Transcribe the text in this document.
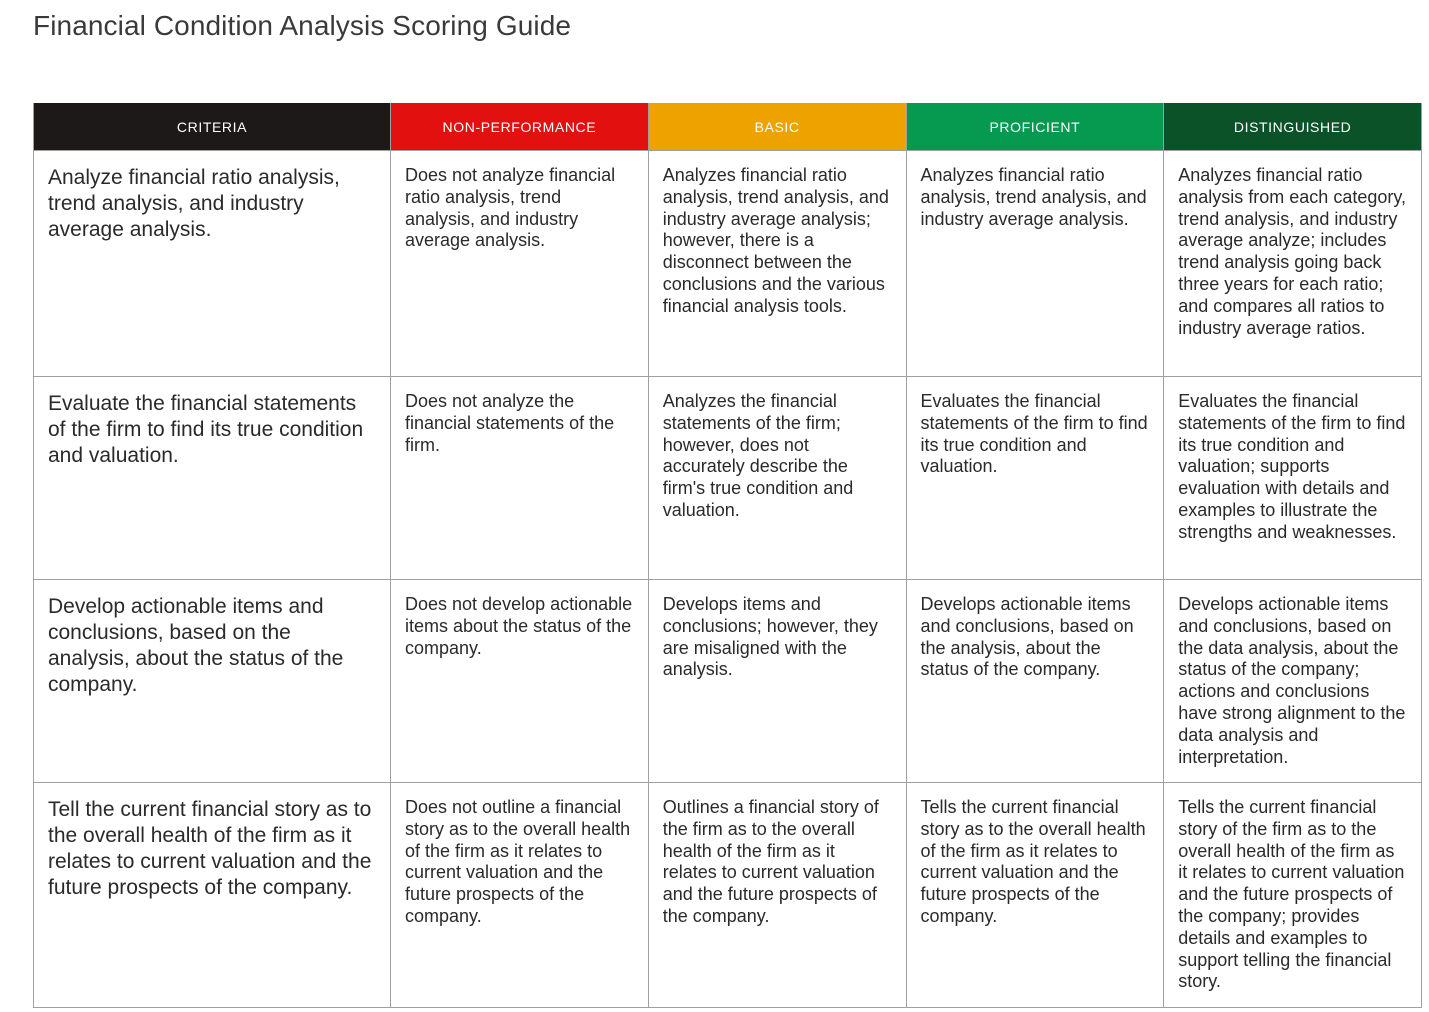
Financial Condition Analysis Scoring Guide
CRITERIA	NON-PERFORMANCE	BASIC	PROFICIENT	DISTINGUISHED
Analyze financial ratio analysis, trend analysis, and industry average analysis.	Does not analyze financial ratio analysis, trend analysis, and industry average analysis.	Analyzes financial ratio analysis, trend analysis, and industry average analysis; however, there is a disconnect between the conclusions and the various financial analysis tools.	Analyzes financial ratio analysis, trend analysis, and industry average analysis.	Analyzes financial ratio analysis from each category, trend analysis, and industry average analyze; includes trend analysis going back three years for each ratio; and compares all ratios to industry average ratios.
Evaluate the financial statements of the firm to find its true condition and valuation.	Does not analyze the financial statements of the firm.	Analyzes the financial statements of the firm; however, does not accurately describe the firm's true condition and valuation.	Evaluates the financial statements of the firm to find its true condition and valuation.	Evaluates the financial statements of the firm to find its true condition and valuation; supports evaluation with details and examples to illustrate the strengths and weaknesses.
Develop actionable items and conclusions, based on the analysis, about the status of the company.	Does not develop actionable items about the status of the company.	Develops items and conclusions; however, they are misaligned with the analysis.	Develops actionable items and conclusions, based on the analysis, about the status of the company.	Develops actionable items and conclusions, based on the data analysis, about the status of the company; actions and conclusions have strong alignment to the data analysis and interpretation.
Tell the current financial story as to the overall health of the firm as it relates to current valuation and the future prospects of the company.	Does not outline a financial story as to the overall health of the firm as it relates to current valuation and the future prospects of the company.	Outlines a financial story of the firm as to the overall health of the firm as it relates to current valuation and the future prospects of the company.	Tells the current financial story as to the overall health of the firm as it relates to current valuation and the future prospects of the company.	Tells the current financial story of the firm as to the overall health of the firm as it relates to current valuation and the future prospects of the company; provides details and examples to support telling the financial story.
